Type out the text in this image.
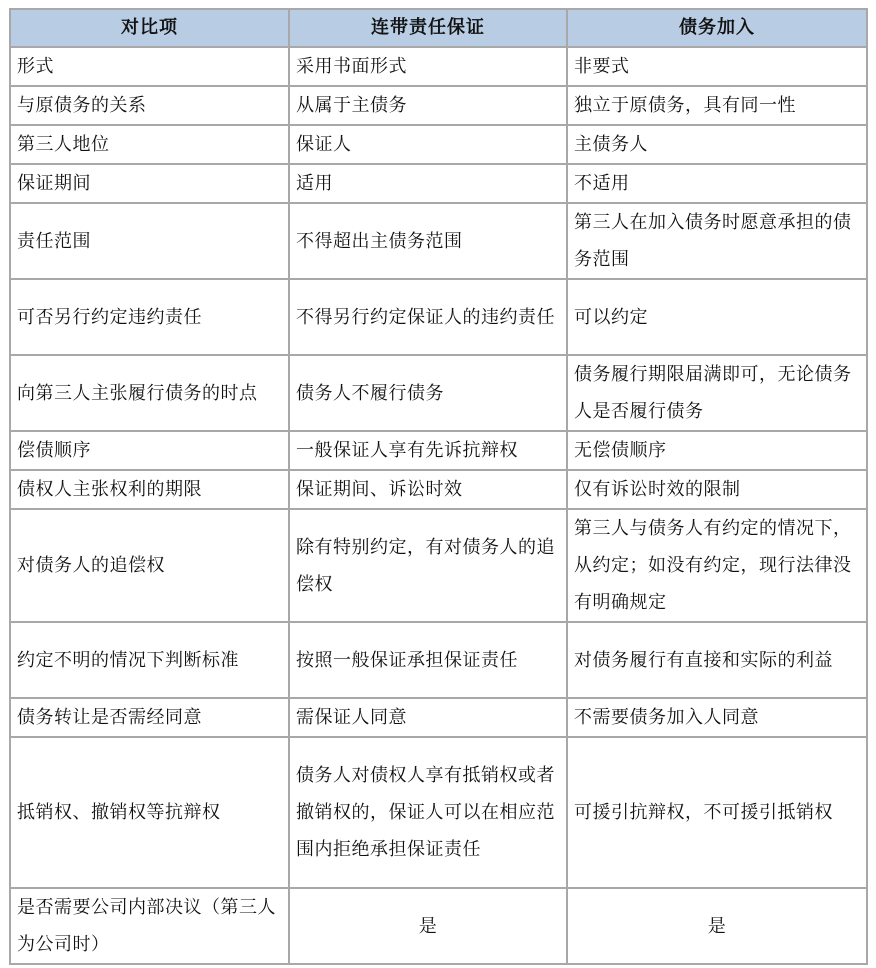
对比项	连带责任保证	债务加入
形式	采用书面形式	非要式
与原债务的关系	从属于主债务	独立于原债务，具有同一性
第三人地位	保证人	主债务人
保证期间	适用	不适用
责任范围	不得超出主债务范围	第三人在加入债务时愿意承担的债务范围
可否另行约定违约责任	不得另行约定保证人的违约责任	可以约定
向第三人主张履行债务的时点	债务人不履行债务	债务履行期限届满即可，无论债务人是否履行债务
偿债顺序	一般保证人享有先诉抗辩权	无偿债顺序
债权人主张权利的期限	保证期间、诉讼时效	仅有诉讼时效的限制
对债务人的追偿权	除有特别约定，有对债务人的追偿权	第三人与债务人有约定的情况下，从约定；如没有约定，现行法律没有明确规定
约定不明的情况下判断标准	按照一般保证承担保证责任	对债务履行有直接和实际的利益
债务转让是否需经同意	需保证人同意	不需要债务加入人同意
抵销权、撤销权等抗辩权	债务人对债权人享有抵销权或者撤销权的，保证人可以在相应范围内拒绝承担保证责任	可援引抗辩权，不可援引抵销权
是否需要公司内部决议（第三人为公司时）	是	是
